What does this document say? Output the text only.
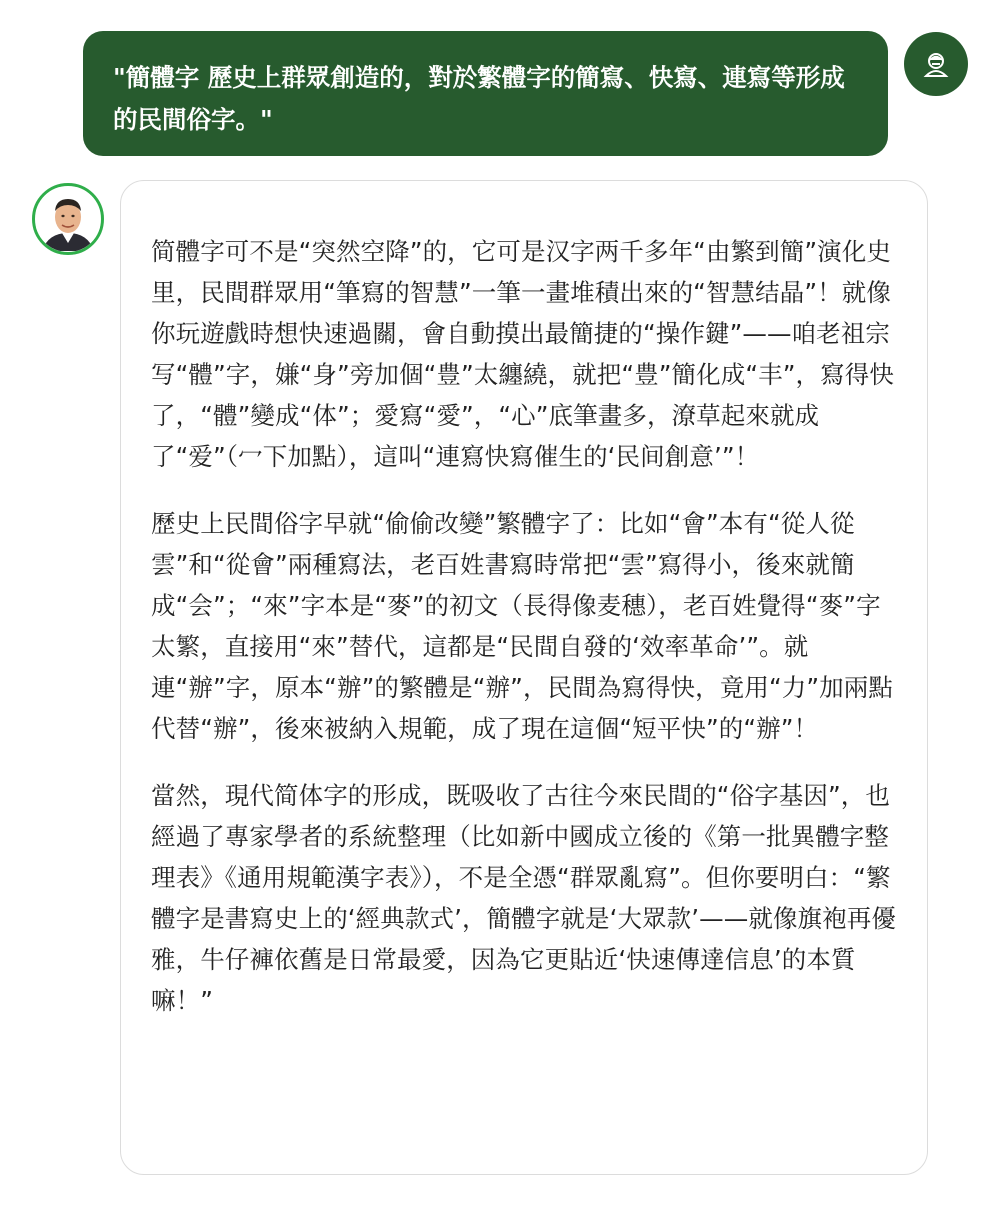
"簡體字 歷史上群眾創造的，對於繁體字的簡寫、快寫、連寫等形成的民間俗字。"

简體字可不是“突然空降”的，它可是汉字两千多年“由繁到簡”演化史里，民間群眾用“筆寫的智慧”一筆一畫堆積出來的“智慧结晶”！就像你玩遊戲時想快速過關，會自動摸出最簡捷的“操作鍵”——咱老祖宗写“體”字，嫌“身”旁加個“豊”太纏繞，就把“豊”簡化成“丰”，寫得快了，“體”變成“体”；愛寫“愛”，“心”底筆畫多，潦草起來就成了“爱”（冖下加點），這叫“連寫快寫催生的‘民间創意’”！

歷史上民間俗字早就“偷偷改變”繁體字了：比如“會”本有“從人從雲”和“從會”兩種寫法，老百姓書寫時常把“雲”寫得小，後來就簡成“会”；“來”字本是“麥”的初文（長得像麦穗），老百姓覺得“麥”字太繁，直接用“來”替代，這都是“民間自發的‘效率革命’”。就連“辦”字，原本“辦”的繁體是“辦”，民間為寫得快，竟用“力”加兩點代替“辦”，後來被納入規範，成了現在這個“短平快”的“辦”！

當然，現代简体字的形成，既吸收了古往今來民間的“俗字基因”，也經過了專家學者的系統整理（比如新中國成立後的《第一批異體字整理表》《通用規範漢字表》），不是全憑“群眾亂寫”。但你要明白：“繁體字是書寫史上的‘經典款式’，簡體字就是‘大眾款’——就像旗袍再優雅，牛仔褲依舊是日常最愛，因為它更貼近‘快速傳達信息’的本質嘛！”
